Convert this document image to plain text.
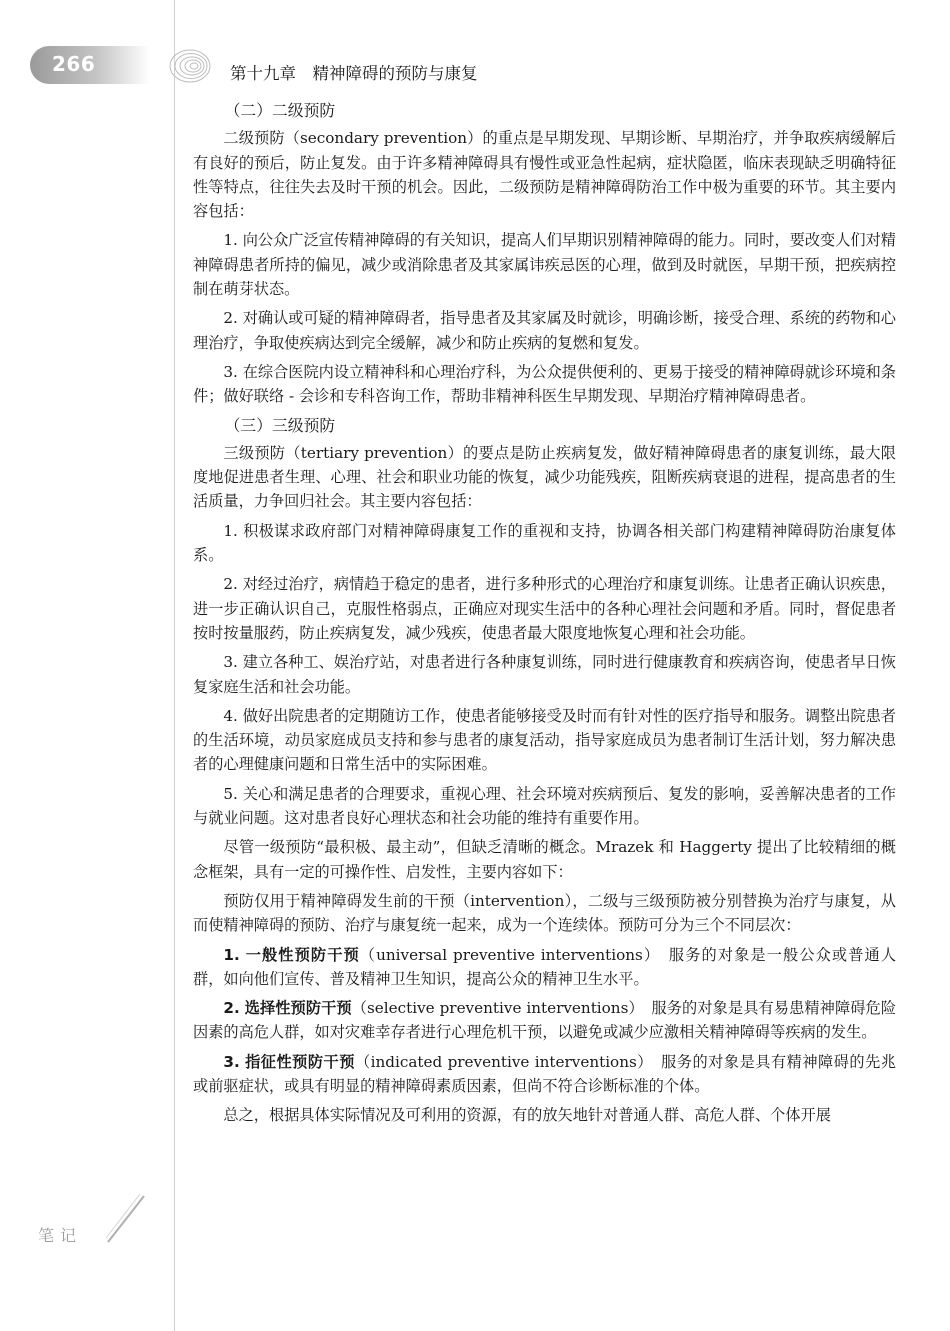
266	第十九章　精神障碍的预防与康复
（二）二级预防

二级预防（secondary prevention）的重点是早期发现、早期诊断、早期治疗，并争取疾病缓解后有良好的预后，防止复发。由于许多精神障碍具有慢性或亚急性起病，症状隐匿，临床表现缺乏明确特征性等特点，往往失去及时干预的机会。因此，二级预防是精神障碍防治工作中极为重要的环节。其主要内容包括：

1. 向公众广泛宣传精神障碍的有关知识，提高人们早期识别精神障碍的能力。同时，要改变人们对精神障碍患者所持的偏见，减少或消除患者及其家属讳疾忌医的心理，做到及时就医，早期干预，把疾病控制在萌芽状态。

2. 对确认或可疑的精神障碍者，指导患者及其家属及时就诊，明确诊断，接受合理、系统的药物和心理治疗，争取使疾病达到完全缓解，减少和防止疾病的复燃和复发。

3. 在综合医院内设立精神科和心理治疗科，为公众提供便利的、更易于接受的精神障碍就诊环境和条件；做好联络 - 会诊和专科咨询工作，帮助非精神科医生早期发现、早期治疗精神障碍患者。

（三）三级预防

三级预防（tertiary prevention）的要点是防止疾病复发，做好精神障碍患者的康复训练，最大限度地促进患者生理、心理、社会和职业功能的恢复，减少功能残疾，阻断疾病衰退的进程，提高患者的生活质量，力争回归社会。其主要内容包括：

1. 积极谋求政府部门对精神障碍康复工作的重视和支持，协调各相关部门构建精神障碍防治康复体系。

2. 对经过治疗，病情趋于稳定的患者，进行多种形式的心理治疗和康复训练。让患者正确认识疾患，进一步正确认识自己，克服性格弱点，正确应对现实生活中的各种心理社会问题和矛盾。同时，督促患者按时按量服药，防止疾病复发，减少残疾，使患者最大限度地恢复心理和社会功能。

3. 建立各种工、娱治疗站，对患者进行各种康复训练，同时进行健康教育和疾病咨询，使患者早日恢复家庭生活和社会功能。

4. 做好出院患者的定期随访工作，使患者能够接受及时而有针对性的医疗指导和服务。调整出院患者的生活环境，动员家庭成员支持和参与患者的康复活动，指导家庭成员为患者制订生活计划，努力解决患者的心理健康问题和日常生活中的实际困难。

5. 关心和满足患者的合理要求，重视心理、社会环境对疾病预后、复发的影响，妥善解决患者的工作与就业问题。这对患者良好心理状态和社会功能的维持有重要作用。

尽管一级预防“最积极、最主动”，但缺乏清晰的概念。Mrazek 和 Haggerty 提出了比较精细的概念框架，具有一定的可操作性、启发性，主要内容如下：

预防仅用于精神障碍发生前的干预（intervention），二级与三级预防被分别替换为治疗与康复，从而使精神障碍的预防、治疗与康复统一起来，成为一个连续体。预防可分为三个不同层次：

1. 一般性预防干预（universal preventive interventions）　服务的对象是一般公众或普通人群，如向他们宣传、普及精神卫生知识，提高公众的精神卫生水平。

2. 选择性预防干预（selective preventive interventions）　服务的对象是具有易患精神障碍危险因素的高危人群，如对灾难幸存者进行心理危机干预，以避免或减少应激相关精神障碍等疾病的发生。

3. 指征性预防干预（indicated preventive interventions）　服务的对象是具有精神障碍的先兆或前驱症状，或具有明显的精神障碍素质因素，但尚不符合诊断标准的个体。

总之，根据具体实际情况及可利用的资源，有的放矢地针对普通人群、高危人群、个体开展

笔记
